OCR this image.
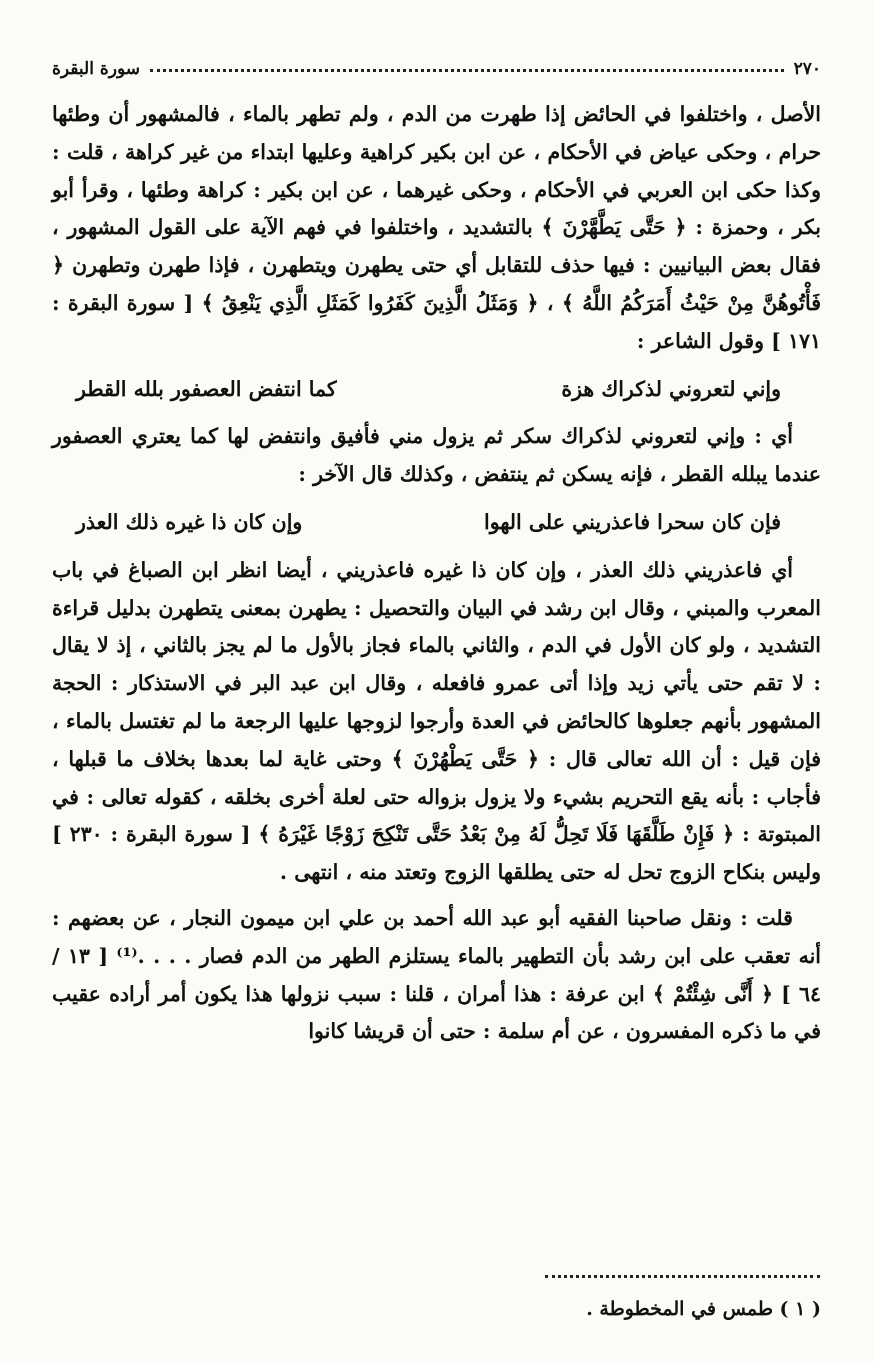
٢٧٠
سورة البقرة

الأصل ، واختلفوا في الحائض إذا طهرت من الدم ، ولم تطهر بالماء ، فالمشهور أن وطئها حرام ، وحكى عياض في الأحكام ، عن ابن بكير كراهية وعليها ابتداء من غير كراهة ، قلت : وكذا حكى ابن العربي في الأحكام ، وحكى غيرهما ، عن ابن بكير : كراهة وطئها ، وقرأ أبو بكر ، وحمزة : ﴿ حَتَّى يَطَّهَّرْنَ ﴾ بالتشديد ، واختلفوا في فهم الآية على القول المشهور ، فقال بعض البيانيين : فيها حذف للتقابل أي حتى يطهرن ويتطهرن ، فإذا طهرن وتطهرن ﴿ فَأْتُوهُنَّ مِنْ حَيْثُ أَمَرَكُمُ اللَّهُ ﴾ ، ﴿ وَمَثَلُ الَّذِينَ كَفَرُوا كَمَثَلِ الَّذِي يَنْعِقُ ﴾ [ سورة البقرة : ١٧١ ] وقول الشاعر :

وإني لتعروني لذكراك هزة
كما انتفض العصفور بلله القطر

أي : وإني لتعروني لذكراك سكر ثم يزول مني فأفيق وانتفض لها كما يعتري العصفور عندما يبلله القطر ، فإنه يسكن ثم ينتفض ، وكذلك قال الآخر :

فإن كان سحرا فاعذريني على الهوا
وإن كان ذا غيره ذلك العذر

أي فاعذريني ذلك العذر ، وإن كان ذا غيره فاعذريني ، أيضا انظر ابن الصباغ في باب المعرب والمبني ، وقال ابن رشد في البيان والتحصيل : يطهرن بمعنى يتطهرن بدليل قراءة التشديد ، ولو كان الأول في الدم ، والثاني بالماء فجاز بالأول ما لم يجز بالثاني ، إذ لا يقال : لا تقم حتى يأتي زيد وإذا أتى عمرو فافعله ، وقال ابن عبد البر في الاستذكار : الحجة المشهور بأنهم جعلوها كالحائض في العدة وأرجوا لزوجها عليها الرجعة ما لم تغتسل بالماء ، فإن قيل : أن الله تعالى قال : ﴿ حَتَّى يَطْهُرْنَ ﴾ وحتى غاية لما بعدها بخلاف ما قبلها ، فأجاب : بأنه يقع التحريم بشيء ولا يزول بزواله حتى لعلة أخرى بخلقه ، كقوله تعالى : في المبتوتة : ﴿ فَإِنْ طَلَّقَهَا فَلَا تَحِلُّ لَهُ مِنْ بَعْدُ حَتَّى تَنْكِحَ زَوْجًا غَيْرَهُ ﴾ [ سورة البقرة : ٢٣٠ ] وليس بنكاح الزوج تحل له حتى يطلقها الزوج وتعتد منه ، انتهى .

قلت : ونقل صاحبنا الفقيه أبو عبد الله أحمد بن علي ابن ميمون النجار ، عن بعضهم : أنه تعقب على ابن رشد بأن التطهير بالماء يستلزم الطهر من الدم فصار . . . .⁽¹⁾ [ ١٣ / ٦٤ ] ﴿ أَنَّى شِئْتُمْ ﴾ ابن عرفة : هذا أمران ، قلنا : سبب نزولها هذا يكون أمر أراده عقيب في ما ذكره المفسرون ، عن أم سلمة : حتى أن قريشا كانوا

( ١ ) طمس في المخطوطة .
